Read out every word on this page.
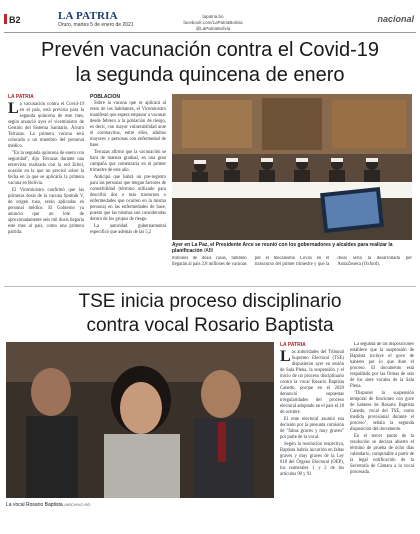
B2	LA PATRIA
Oruro, martes 5 de enero de 2021
lapatria.bo
facebook.com/LaPatriaBolivia
@LaPatriaBolivia
nacional
Prevén vacunación contra el Covid-19
la segunda quincena de enero
LA PATRIA
L a vacunación contra el Covid-19 en el país, está prevista para la segunda quincena de este mes, según anunció ayer el viceministro de Gestión del Sistema Sanitario, Álvaro Terrazas. La primera vacuna será colocada a un miembro del personal médico.

"En la segunda quincena de enero con seguridad", dijo Terrazas durante una entrevista realizada con la red Erbol, ocasión en la que no precisó sobre la fecha en la que se aplicaría la primera vacuna en Bolivia.

El Viceministro confirmó que las primeras dosis de la vacuna Sputnik V, de origen ruso, serán aplicadas en personal médico. El Gobierno ya anunció que un lote de aproximadamente seis mil dosis llegaría este mes al país, como una primera partida.

POBLACIÓN

Sobre la vacuna que se aplicará al resto de los habitantes, el Viceministro manifestó que espera empezar a vacunar desde febrero a la población de riesgo, es decir, con mayor vulnerabilidad ante el coronavirus, entre ellos, adultos mayores y personas con enfermedad de base.

Terrazas afirmó que la vacunación se hará de manera gradual, en una gran campaña que comenzaría en el primer trimestre de este año.

Anticipó que habrá un pre-registro para las personas que tengan factores de comorbilidad (término utilizado para describir dos o más trastornos o enfermedades que ocurren en la misma persona) en las enfermedades de base, puesto que las mismas son consideradas dentro de los grupos de riesgo.

La autoridad gubernamental especificó que además de las 5,2

Ayer en La Paz, el Presidente Arce se reunió con los gobernadores y alcaldes para realizar la planificación /ABI

millones de dosis rusas, también llegarán al país 2,8 millones de vacunas por el mecanismo Covax en el transcurso del primer trimestre y que la dosis sería la desarrollada por AstraZeneca (Oxford).

TSE inicia proceso disciplinario
contra vocal Rosario Baptista
La vocal Rosario Baptista /ARCHIVO RD
LA PATRIA
L as autoridades del Tribunal Supremo Electoral (TSE) dispusieron ayer en sesión de Sala Plena, la suspensión y el inicio de un proceso disciplinario contra la vocal Rosario Baptista Canedo, porque en el 2020 denunció supuestas irregularidades del proceso electoral adoptado en el país el 18 de octubre.

El ente electoral asumió esa decisión por la presunta comisión de "faltas graves y muy graves" por parte de la vocal.

Según la resolución respectiva, Baptista habría incurrido en faltas graves y muy graves de la Ley 018 del Órgano Electoral (OEP), los numerales 1 y 2 de los artículos 90 y 91.

La segunda de las disposiciones establece que la suspensión de Baptista incluye el goce de haberes por lo que dure el proceso. El documento está respaldado por las firmas de seis de los siete vocales de la Sala Plena.

"Disponer la suspensión temporal de funciones con goce de haberes de Rosario Baptista Canedo, vocal del TSE, como medida provisional durante el proceso", señala la segunda disposición del documento.

En el tercer punto de la resolución se declara abierto el término de prueba de ocho días calendario, computable a partir de la legal notificación de la Secretaría de Cámara a la vocal procesada.
